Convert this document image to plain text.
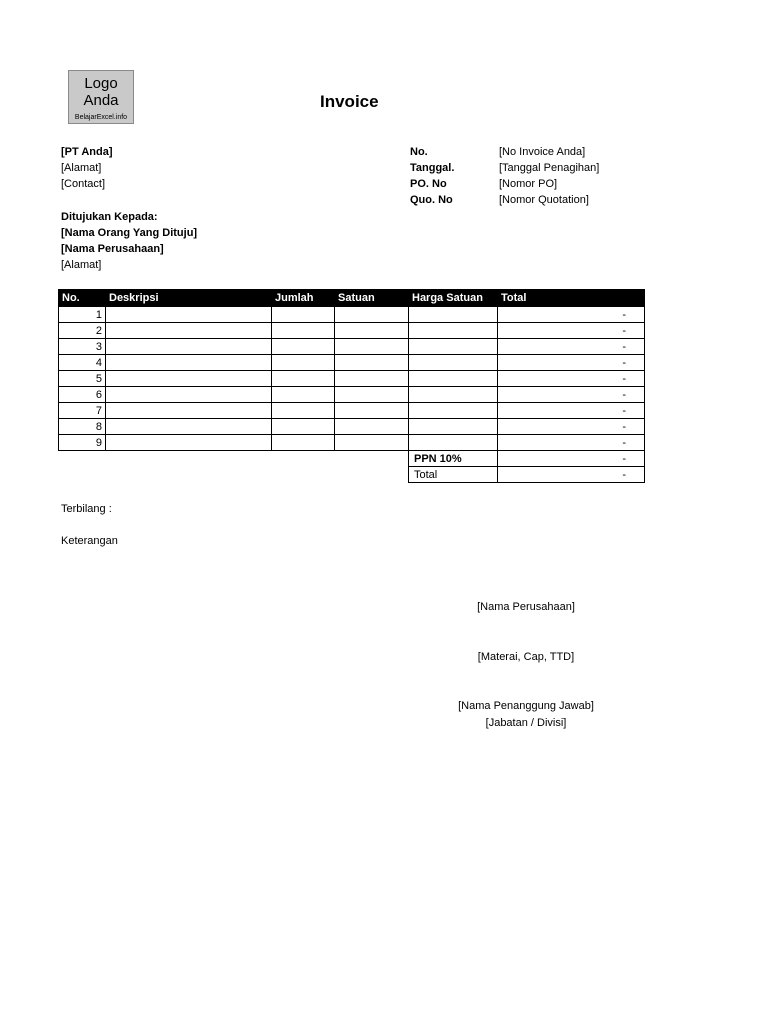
Logo
Anda
BelajarExcel.info
Invoice
[PT Anda]
[Alamat]
[Contact]
No.	[No Invoice Anda]
Tanggal.	[Tanggal Penagihan]
PO. No	[Nomor PO]
Quo. No	[Nomor Quotation]
Ditujukan Kepada:
[Nama Orang Yang Dituju]
[Nama Perusahaan]
[Alamat]
No.	Deskripsi	Jumlah	Satuan	Harga Satuan	Total
1					-
2					-
3					-
4					-
5					-
6					-
7					-
8					-
9					-
				PPN 10%	-
				Total	-
Terbilang :
Keterangan
[Nama Perusahaan]
[Materai, Cap, TTD]
[Nama Penanggung Jawab]
[Jabatan / Divisi]
